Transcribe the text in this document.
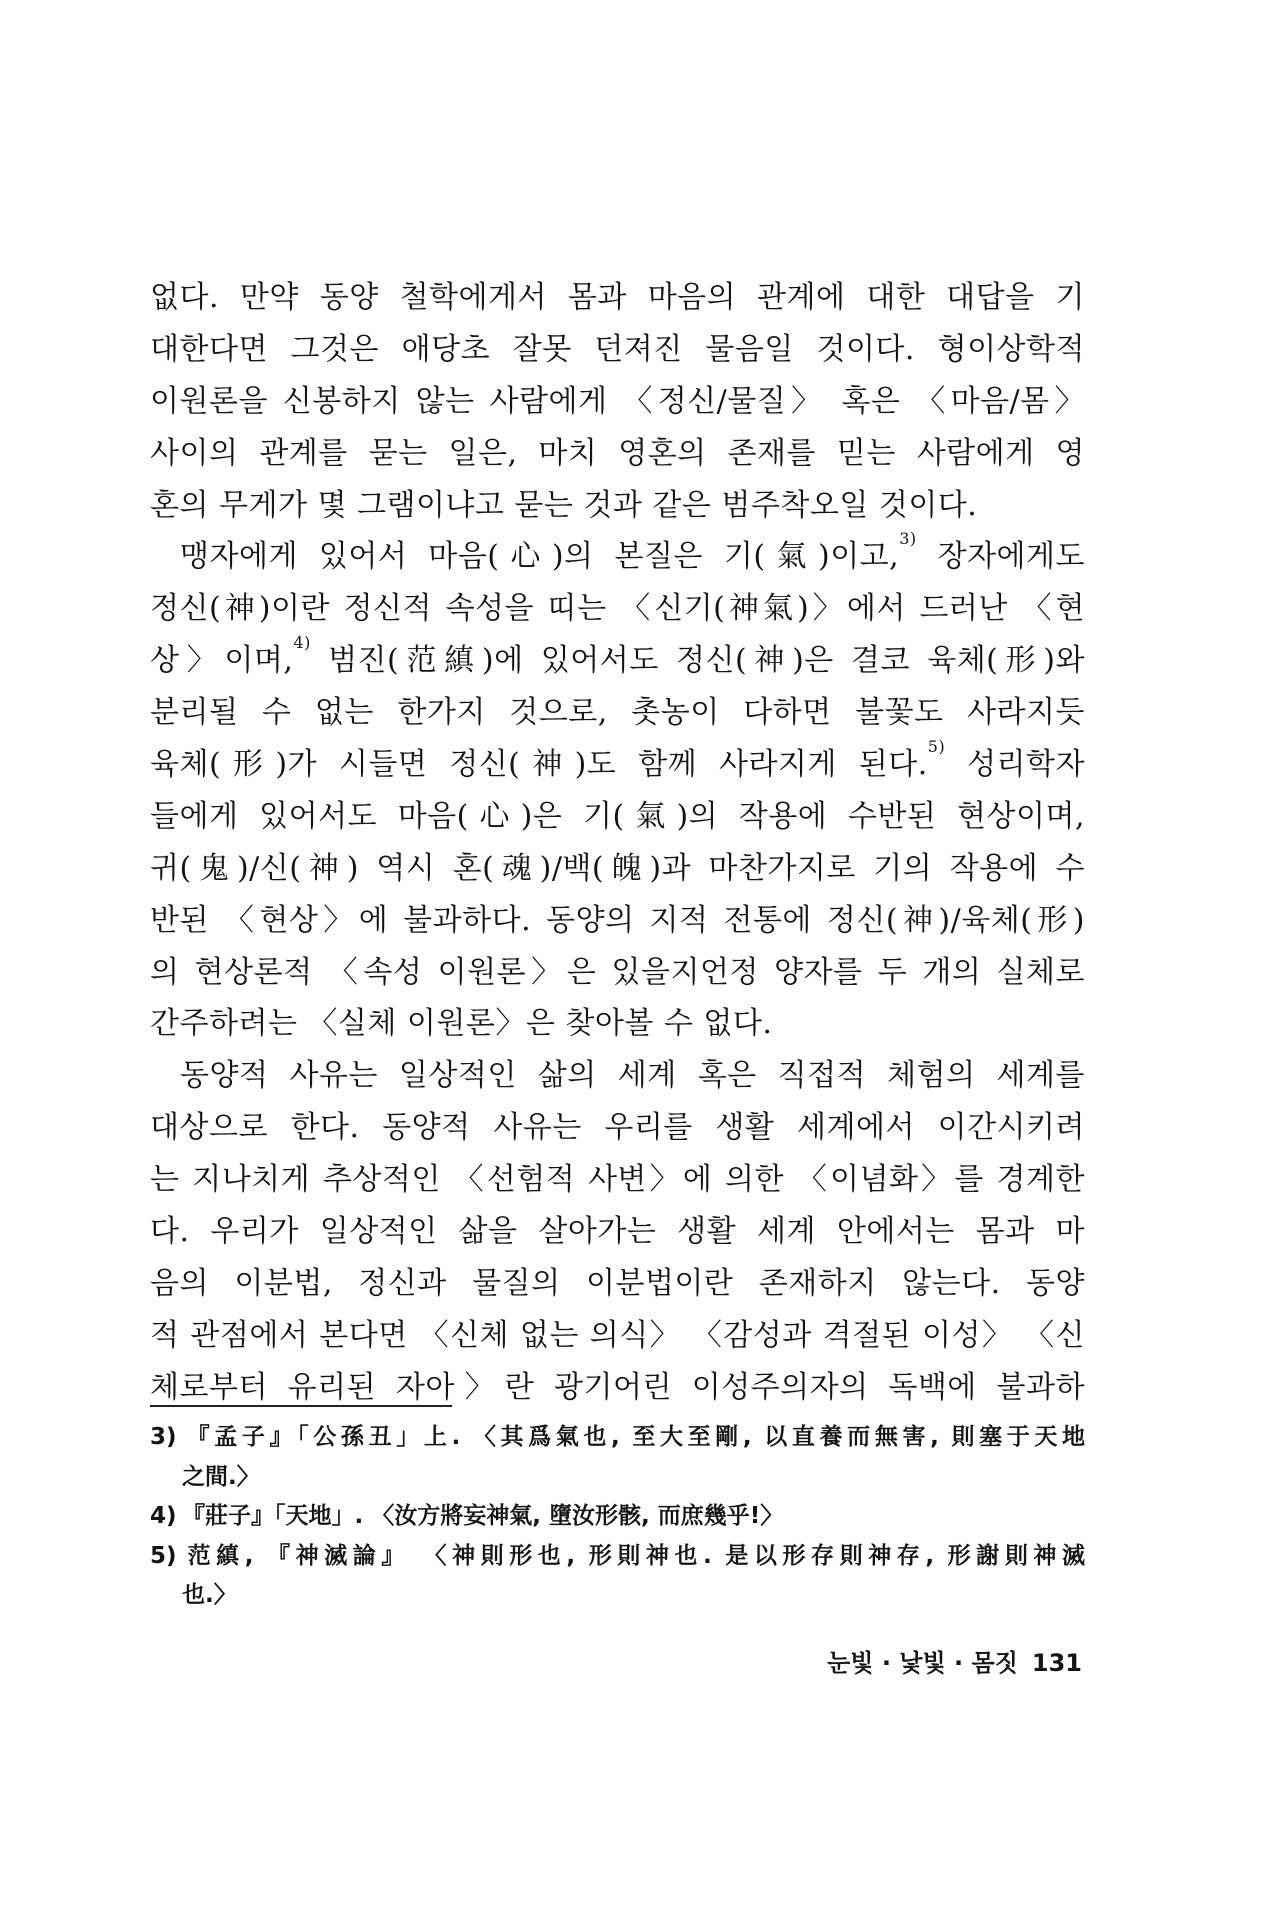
없다. 만약 동양 철학에게서 몸과 마음의 관계에 대한 대답을 기
대한다면 그것은 애당초 잘못 던져진 물음일 것이다. 형이상학적
이원론을 신봉하지 않는 사람에게 〈정신/물질〉 혹은 〈마음/몸〉
사이의 관계를 묻는 일은, 마치 영혼의 존재를 믿는 사람에게 영
혼의 무게가 몇 그램이냐고 묻는 것과 같은 범주착오일 것이다.
맹자에게 있어서 마음(心)의 본질은 기(氣)이고,$^{3)}$ 장자에게도
정신(神)이란 정신적 속성을 띠는 〈신기(神氣)〉에서 드러난 〈현
상〉이며,$^{4)}$ 범진(范縝)에 있어서도 정신(神)은 결코 육체(形)와
분리될 수 없는 한가지 것으로, 촛농이 다하면 불꽃도 사라지듯
육체(形)가 시들면 정신(神)도 함께 사라지게 된다.$^{5)}$ 성리학자
들에게 있어서도 마음(心)은 기(氣)의 작용에 수반된 현상이며,
귀(鬼)/신(神) 역시 혼(魂)/백(魄)과 마찬가지로 기의 작용에 수
반된 〈현상〉에 불과하다. 동양의 지적 전통에 정신(神)/육체(形)
의 현상론적 〈속성 이원론〉은 있을지언정 양자를 두 개의 실체로
간주하려는 〈실체 이원론〉은 찾아볼 수 없다.
동양적 사유는 일상적인 삶의 세계 혹은 직접적 체험의 세계를
대상으로 한다. 동양적 사유는 우리를 생활 세계에서 이간시키려
는 지나치게 추상적인 〈선험적 사변〉에 의한 〈이념화〉를 경계한
다. 우리가 일상적인 삶을 살아가는 생활 세계 안에서는 몸과 마
음의 이분법, 정신과 물질의 이분법이란 존재하지 않는다. 동양
적 관점에서 본다면 〈신체 없는 의식〉 〈감성과 격절된 이성〉 〈신
체로부터 유리된 자아〉란 광기어린 이성주의자의 독백에 불과하
3) 『孟子』「公孫丑」上. 〈其爲氣也, 至大至剛, 以直養而無害, 則塞于天地
之間.〉
4) 『莊子』「天地」. 〈汝方將妄神氣, 墮汝形骸, 而庶幾乎!〉
5) 范縝, 『神滅論』 〈神則形也, 形則神也. 是以形存則神存, 形謝則神滅
也.〉
눈빛 · 낯빛 · 몸짓 131
